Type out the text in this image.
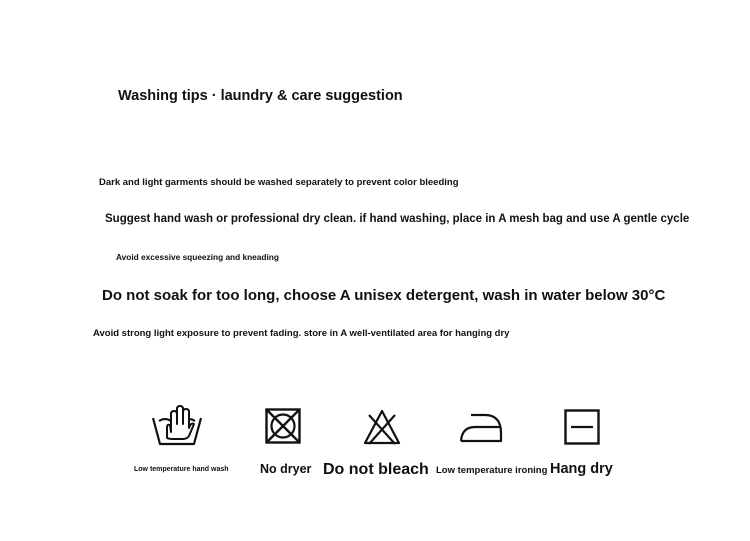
Washing tips · laundry & care suggestion
Dark and light garments should be washed separately to prevent color bleeding
Suggest hand wash or professional dry clean. if hand washing, place in A mesh bag and use A gentle cycle
Avoid excessive squeezing and kneading
Do not soak for too long, choose A unisex detergent, wash in water below 30°C
Avoid strong light exposure to prevent fading. store in A well-ventilated area for hanging dry
Low temperature hand wash	No dryer Do not bleach Low temperature ironing Hang dry
